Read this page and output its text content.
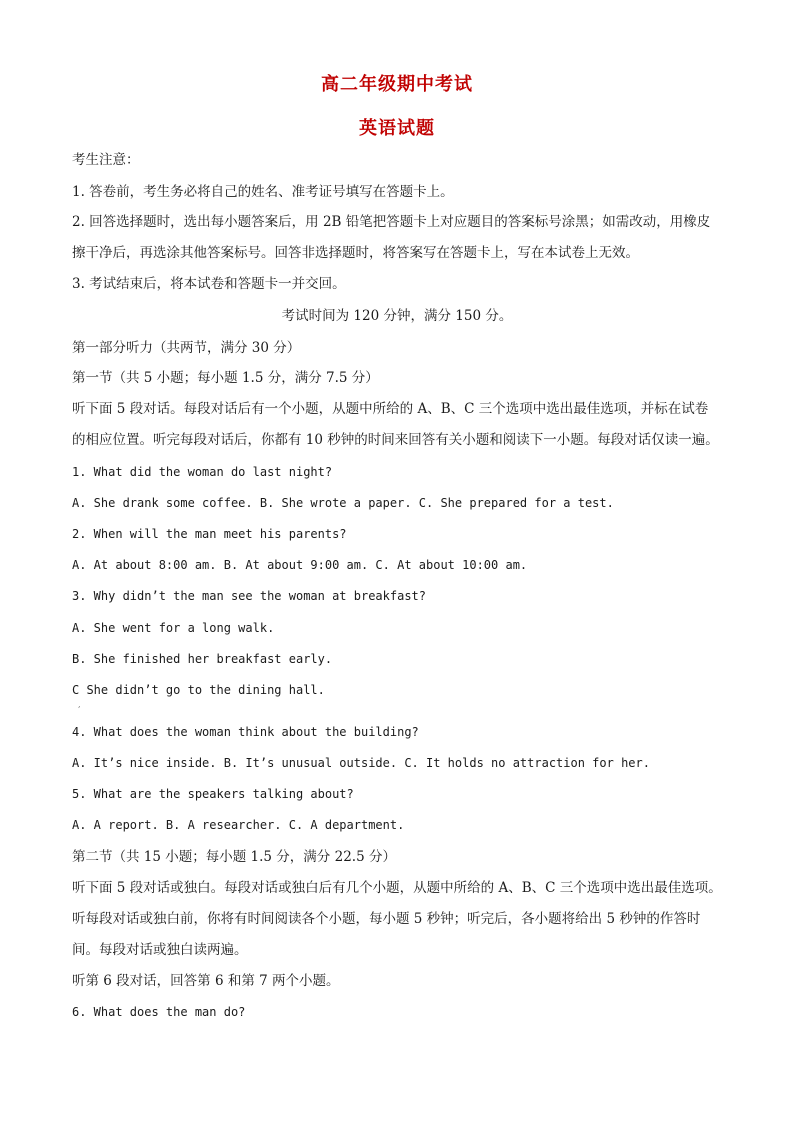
高二年级期中考试
英语试题
考生注意：
1. 答卷前，考生务必将自己的姓名、准考证号填写在答题卡上。
2. 回答选择题时，选出每小题答案后，用 2B 铅笔把答题卡上对应题目的答案标号涂黑；如需改动，用橡皮
擦干净后，再选涂其他答案标号。回答非选择题时，将答案写在答题卡上，写在本试卷上无效。
3. 考试结束后，将本试卷和答题卡一并交回。
考试时间为 120 分钟，满分 150 分。
第一部分听力（共两节，满分 30 分）
第一节（共 5 小题；每小题 1.5 分，满分 7.5 分）
听下面 5 段对话。每段对话后有一个小题，从题中所给的 A、B、C 三个选项中选出最佳选项，并标在试卷
的相应位置。听完每段对话后，你都有 10 秒钟的时间来回答有关小题和阅读下一小题。每段对话仅读一遍。
1. What did the woman do last night?
A. She drank some coffee. B. She wrote a paper. C. She prepared for a test.
2. When will the man meet his parents?
A. At about 8:00 am. B. At about 9:00 am. C. At about 10:00 am.
3. Why didn’t the man see the woman at breakfast?
A. She went for a long walk.
B. She finished her breakfast early.
C She didn’t go to the dining hall.
,
4. What does the woman think about the building?
A. It’s nice inside. B. It’s unusual outside. C. It holds no attraction for her.
5. What are the speakers talking about?
A. A report. B. A researcher. C. A department.
第二节（共 15 小题；每小题 1.5 分，满分 22.5 分）
听下面 5 段对话或独白。每段对话或独白后有几个小题，从题中所给的 A、B、C 三个选项中选出最佳选项。
听每段对话或独白前，你将有时间阅读各个小题，每小题 5 秒钟；听完后，各小题将给出 5 秒钟的作答时
间。每段对话或独白读两遍。
听第 6 段对话，回答第 6 和第 7 两个小题。
6. What does the man do?
